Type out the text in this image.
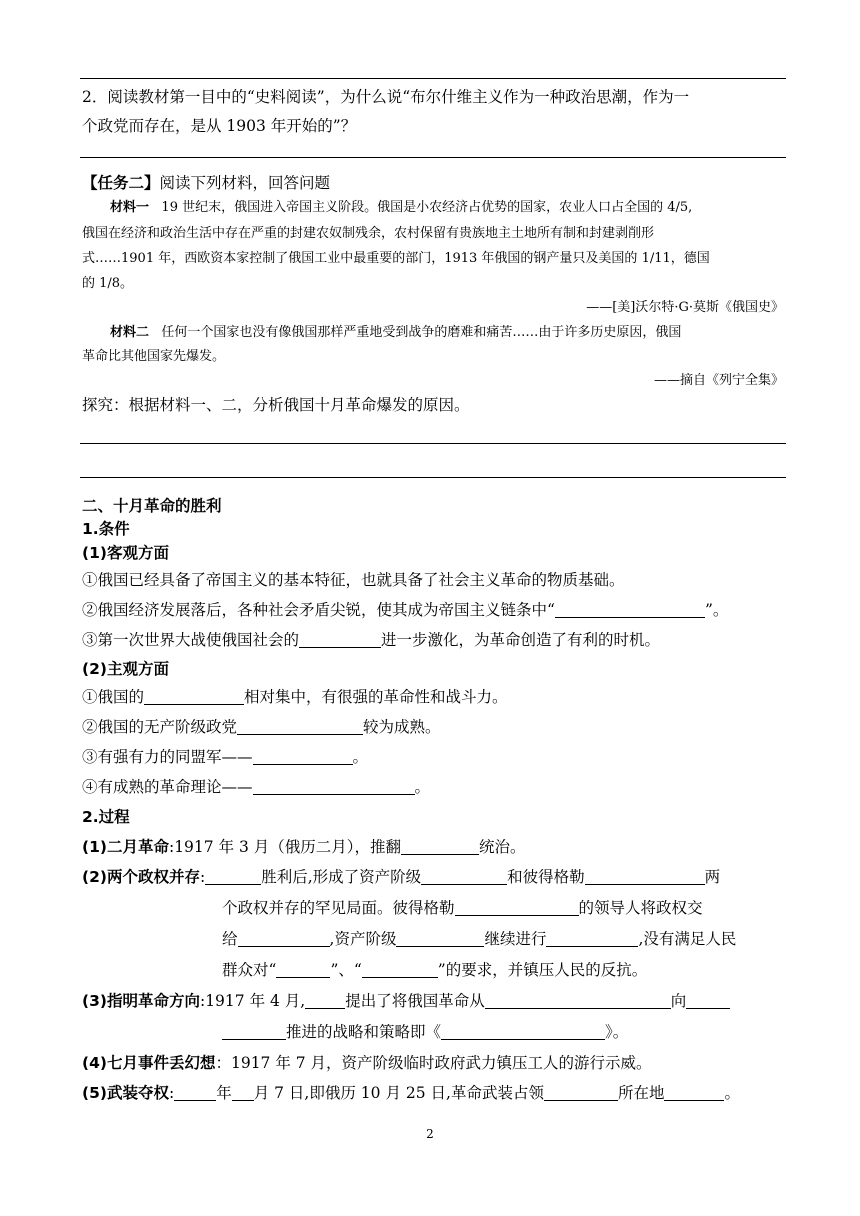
2．阅读教材第一目中的“史料阅读”，为什么说“布尔什维主义作为一种政治思潮，作为一
个政党而存在，是从 1903 年开始的”？
【任务二】阅读下列材料，回答问题
材料一 19 世纪末，俄国进入帝国主义阶段。俄国是小农经济占优势的国家，农业人口占全国的 4/5,
俄国在经济和政治生活中存在严重的封建农奴制残余，农村保留有贵族地主土地所有制和封建剥削形
式……1901 年，西欧资本家控制了俄国工业中最重要的部门，1913 年俄国的钢产量只及美国的 1/11，德国
的 1/8。
——[美]沃尔特·G·莫斯《俄国史》
材料二 任何一个国家也没有像俄国那样严重地受到战争的磨难和痛苦……由于许多历史原因，俄国
革命比其他国家先爆发。
——摘自《列宁全集》
探究：根据材料一、二，分析俄国十月革命爆发的原因。
二、十月革命的胜利
1.条件
(1)客观方面
①俄国已经具备了帝国主义的基本特征，也就具备了社会主义革命的物质基础。
②俄国经济发展落后，各种社会矛盾尖锐，使其成为帝国主义链条中“	”。
③第一次世界大战使俄国社会的	进一步激化，为革命创造了有利的时机。
(2)主观方面
①俄国的	相对集中，有很强的革命性和战斗力。
②俄国的无产阶级政党	较为成熟。
③有强有力的同盟军——	。
④有成熟的革命理论——	。
2.过程
(1)二月革命:1917 年 3 月（俄历二月），推翻	统治。
(2)两个政权并存:	胜利后,形成了资产阶级	和彼得格勒	两
个政权并存的罕见局面。彼得格勒	的领导人将政权交
给	,资产阶级	继续进行	,没有满足人民
群众对“	”、“	”的要求，并镇压人民的反抗。
(3)指明革命方向:1917 年 4 月,	提出了将俄国革命从	向
推进的战略和策略即《	》。
(4)七月事件丢幻想：1917 年 7 月，资产阶级临时政府武力镇压工人的游行示威。
(5)武装夺权:	年 月 7 日,即俄历 10 月 25 日,革命武装占领	所在地	。
2
